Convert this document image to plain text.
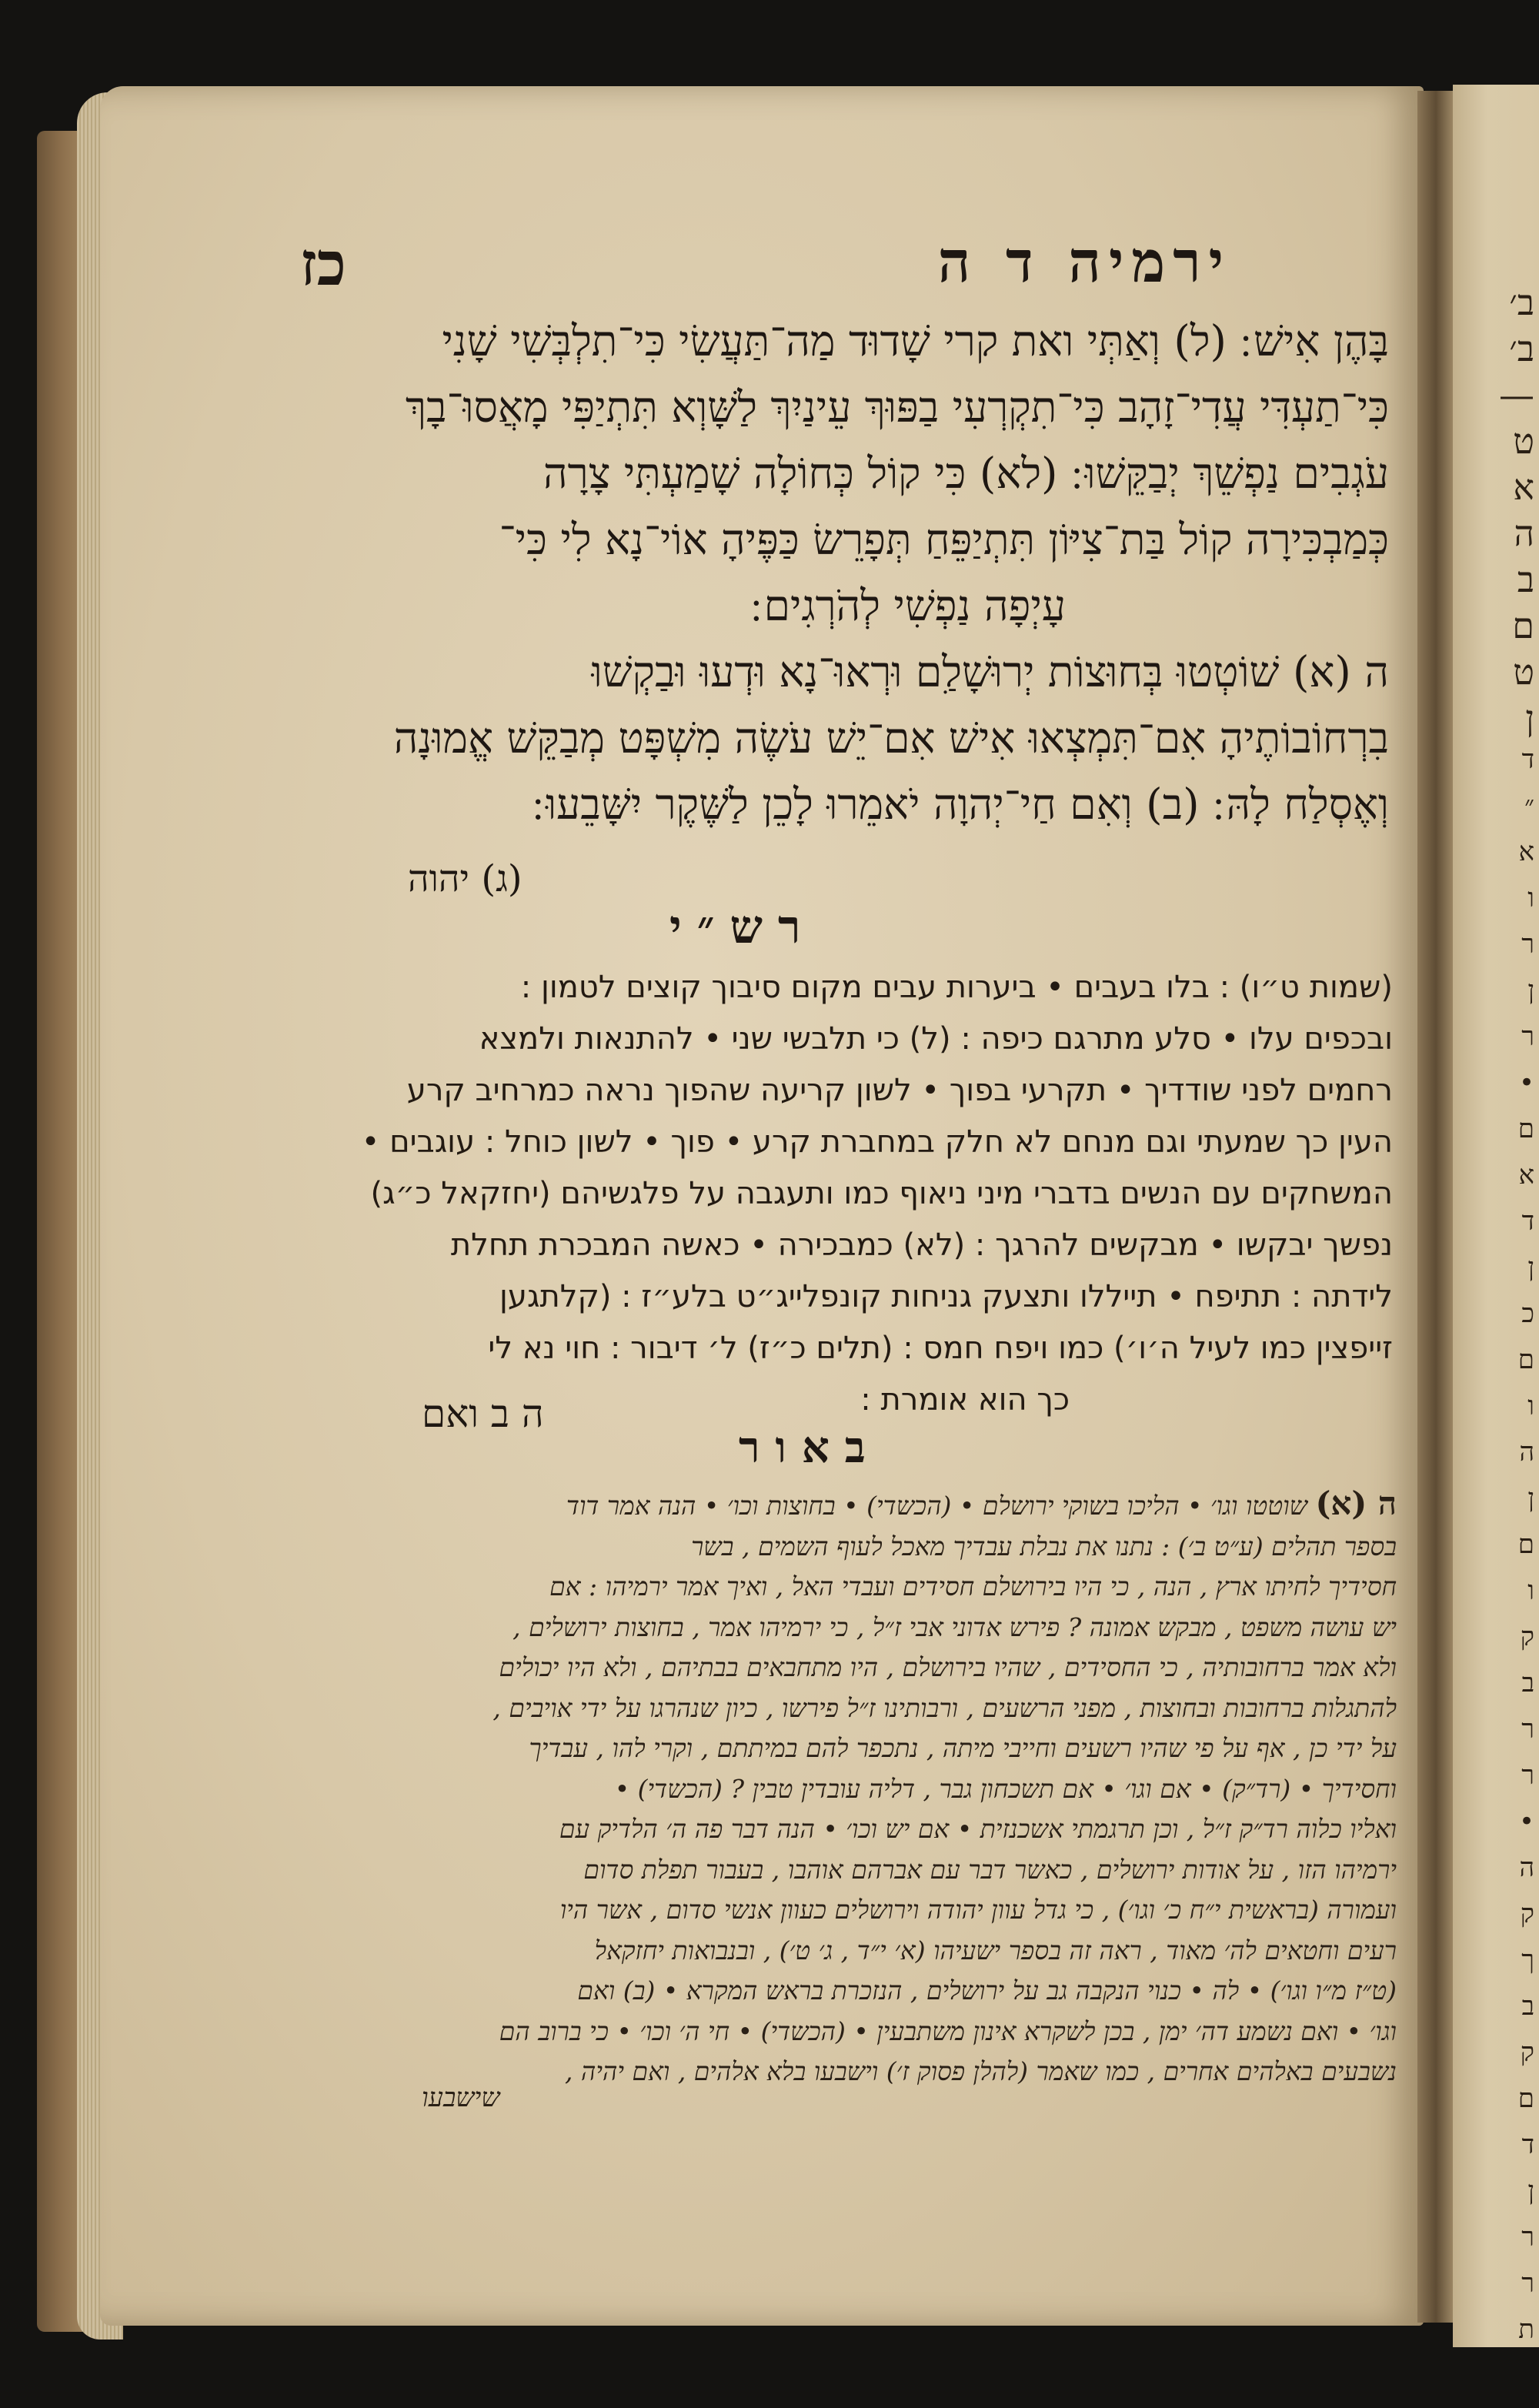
ב׳
ב׳
—
ט
א
ה
ב
ם
ט
ן
ד
״
א
ו
ר
ן
ר
•
ם
א
ד
ן
כ
ם
ו
ה
ן
ם
ו
ק
ב
ר
ר
•
ה
ק
ך
ב
ק
ם
ד
ן
ר
ר
ת
ירמיה ד ה
כז
בָּהֶן אִישׁ ׃ (ל) וְאַתְּי ואת קרי שָׁדוּד מַה־תַּעֲשִׂי כִּי־תִלְבְּשִׁי שָׁנִי
כִּי־תַעְדִּי עֲדִי־זָהָב כִּי־תִקְרְעִי בַפּוּךְ עֵינַיִךְ לַשָּׁוְא תִּתְיַפִּי מָאֲסוּ־בָךְ
עֹגְבִים נַפְשֵׁךְ יְבַקֵּשׁוּ ׃ (לא) כִּי קוֹל כְּחוֹלָה שָׁמַעְתִּי צָרָה
כְּמַבְכִּירָה קוֹל בַּת־צִיּוֹן תִּתְיַפֵּחַ תְּפָרֵשׂ כַּפֶּיהָ אוֹי־נָא לִי כִּי־
עָיְפָה נַפְשִׁי לְהֹרְגִים ׃
ה (א) שׁוֹטְטוּ בְּחוּצוֹת יְרוּשָׁלִַם וּרְאוּ־נָא וּדְעוּ וּבַקְשׁוּ
בִרְחוֹבוֹתֶיהָ אִם־תִּמְצְאוּ אִישׁ אִם־יֵשׁ עֹשֶׂה מִשְׁפָּט מְבַקֵּשׁ אֱמוּנָה
וְאֶסְלַח לָהּ ׃ (ב) וְאִם חַי־יְהוָה יֹאמֵרוּ לָכֵן לַשֶּׁקֶר יִשָּׁבֵעוּ ׃
(ג) יהוה
רש״י
(שמות ט״ו) : בלו בעבים • ביערות עבים מקום סיבוך קוצים לטמון :
ובכפים עלו • סלע מתרגם כיפה : (ל) כי תלבשי שני • להתנאות ולמצא
רחמים לפני שודדיך • תקרעי בפוך • לשון קריעה שהפוך נראה כמרחיב קרע
העין כך שמעתי וגם מנחם לא חלק במחברת קרע • פוך • לשון כוחל : עוגבים •
המשחקים עם הנשים בדברי מיני ניאוף כמו ותעגבה על פלגשיהם (יחזקאל כ״ג)
נפשך יבקשו • מבקשים להרגך : (לא) כמבכירה • כאשה המבכרת תחלת
לידתה : תתיפח • תייללו ותצעק גניחות קונפלייג״ט בלע״ז : (קלתגען
זייפצין כמו לעיל ה׳ו׳) כמו ויפח חמס : (תלים כ״ז) ל׳ דיבור : חוי נא לי
כך הוא אומרת :
ה ב ואם
באור
ה (א) שוטטו וגו׳ • הליכו בשוקי ירושלם • (הכשדי) • בחוצות וכו׳ • הנה אמר דוד
בספר תהלים (ע״ט ב׳) : נתנו את נבלת עבדיך מאכל לעוף השמים , בשר
חסידיך לחיתו ארץ , הנה , כי היו בירושלם חסידים ועבדי האל , ואיך אמר ירמיהו : אם
יש עושה משפט , מבקש אמונה ? פירש אדוני אבי ז״ל , כי ירמיהו אמר , בחוצות ירושלים ,
ולא אמר ברחובותיה , כי החסידים , שהיו בירושלם , היו מתחבאים בבתיהם , ולא היו יכולים
להתגלות ברחובות ובחוצות , מפני הרשעים , ורבותינו ז״ל פירשו , כיון שנהרגו על ידי אויבים ,
על ידי כן , אף על פי שהיו רשעים וחייבי מיתה , נתכפר להם במיתתם , וקרי להו , עבדיך
וחסידיך • (רד״ק) • אם וגו׳ • אם תשכחון גבר , דליה עובדין טבין ? (הכשדי) •
ואליו כלוה רד״ק ז״ל , וכן תרגמתי אשכנזית • אם יש וכו׳ • הנה דבר פה ה׳ הלדיק עם
ירמיהו הזו , על אודות ירושלים , כאשר דבר עם אברהם אוהבו , בעבור תפלת סדום
ועמורה (בראשית י״ח כ׳ וגו׳) , כי גדל עוון יהודה וירושלים כעוון אנשי סדום , אשר היו
רעים וחטאים לה׳ מאוד , ראה זה בספר ישעיהו (א׳ י״ד , ג׳ ט׳) , ובנבואות יחזקאל
(ט״ז מ״ו וגו׳) • לה • כנוי הנקבה גב על ירושלים , הנזכרת בראש המקרא • (ב) ואם
וגו׳ • ואם נשמע דה׳ ימן , בכן לשקרא אינון משתבעין • (הכשדי) • חי ה׳ וכו׳ • כי ברוב הם
נשבעים באלהים אחרים , כמו שאמר (להלן פסוק ז׳) וישבעו בלא אלהים , ואם יהיה ,
שישבעו
